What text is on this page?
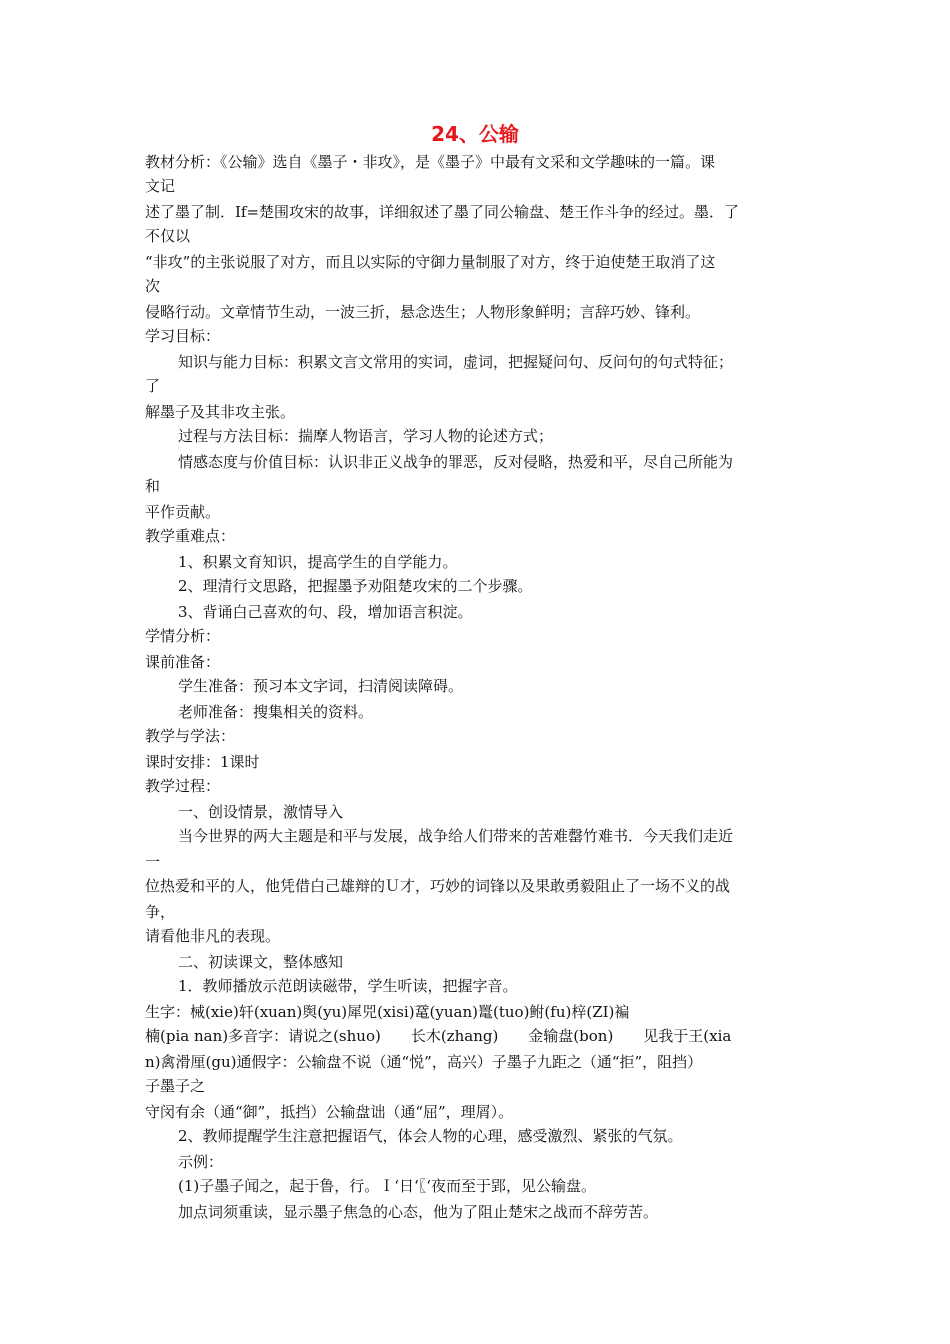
24、公输
教材分析：《公输》选自《墨子・非攻》，是《墨子》中最有文采和文学趣味的一篇。课
文记
述了墨了制．If=楚围攻宋的故事，详细叙述了墨了同公输盘、楚王作斗争的经过。墨．了
不仅以
“非攻”的主张说服了对方，而且以实际的守御力量制服了对方，终于迫使楚王取消了这
次
侵略行动。文章情节生动，一波三折，悬念迭生；人物形象鲜明；言辞巧妙、锋利。
学习目标：
知识与能力目标：积累文言文常用的实词，虚词，把握疑问句、反问句的句式特征；
了
解墨子及其非攻主张。
过程与方法目标：揣摩人物语言，学习人物的论述方式；
情感态度与价值目标：认识非正义战争的罪恶，反对侵略，热爱和平，尽自己所能为
和
平作贡献。
教学重难点：
1、积累文育知识，提高学生的自学能力。
2、理清行文思路，把握墨予劝阻楚攻宋的二个步骤。
3、背诵白己喜欢的句、段，增加语言积淀。
学情分析：
课前准备：
学生准备：预习本文字词，扫清阅读障碍。
老师准备：搜集相关的资料。
教学与学法：
课时安排：1课时
教学过程：
一、创设情景，激情导入
当今世界的两大主题是和平与发展，战争给人们带来的苦难罄竹难书．今天我们走近
一
位热爱和平的人，他凭借白己雄辩的Ｕ才，巧妙的词锋以及果敢勇毅阻止了一场不义的战
争，
请看他非凡的表现。
二、初读课文，整体感知
1．教师播放示范朗读磁带，学生听读，把握字音。
生字：械(xie)轩(xuan)舆(yu)犀兕(xisi)鼋(yuan)鼍(tuo)鲋(fu)梓(ZI)褊
楠(pia nan)多音字：请说之(shuo)　　长木(zhang)　　金输盘(bon)　　见我于王(xia
n)禽滑厘(gu)通假字：公输盘不说（通“悦”，高兴）子墨子九距之（通“拒”，阻挡）
子墨子之
守闵有余（通“御”，抵挡）公输盘诎（通“屈”，理屑）。
2、教师提醒学生注意把握语气，体会人物的心理，感受激烈、紧张的气氛。
示例：
(1)子墨子闻之，起于鲁，行。Ｉ‘日‘〖‘夜而至于郢，见公输盘。
加点词须重读，显示墨子焦急的心态，他为了阻止楚宋之战而不辞劳苦。
